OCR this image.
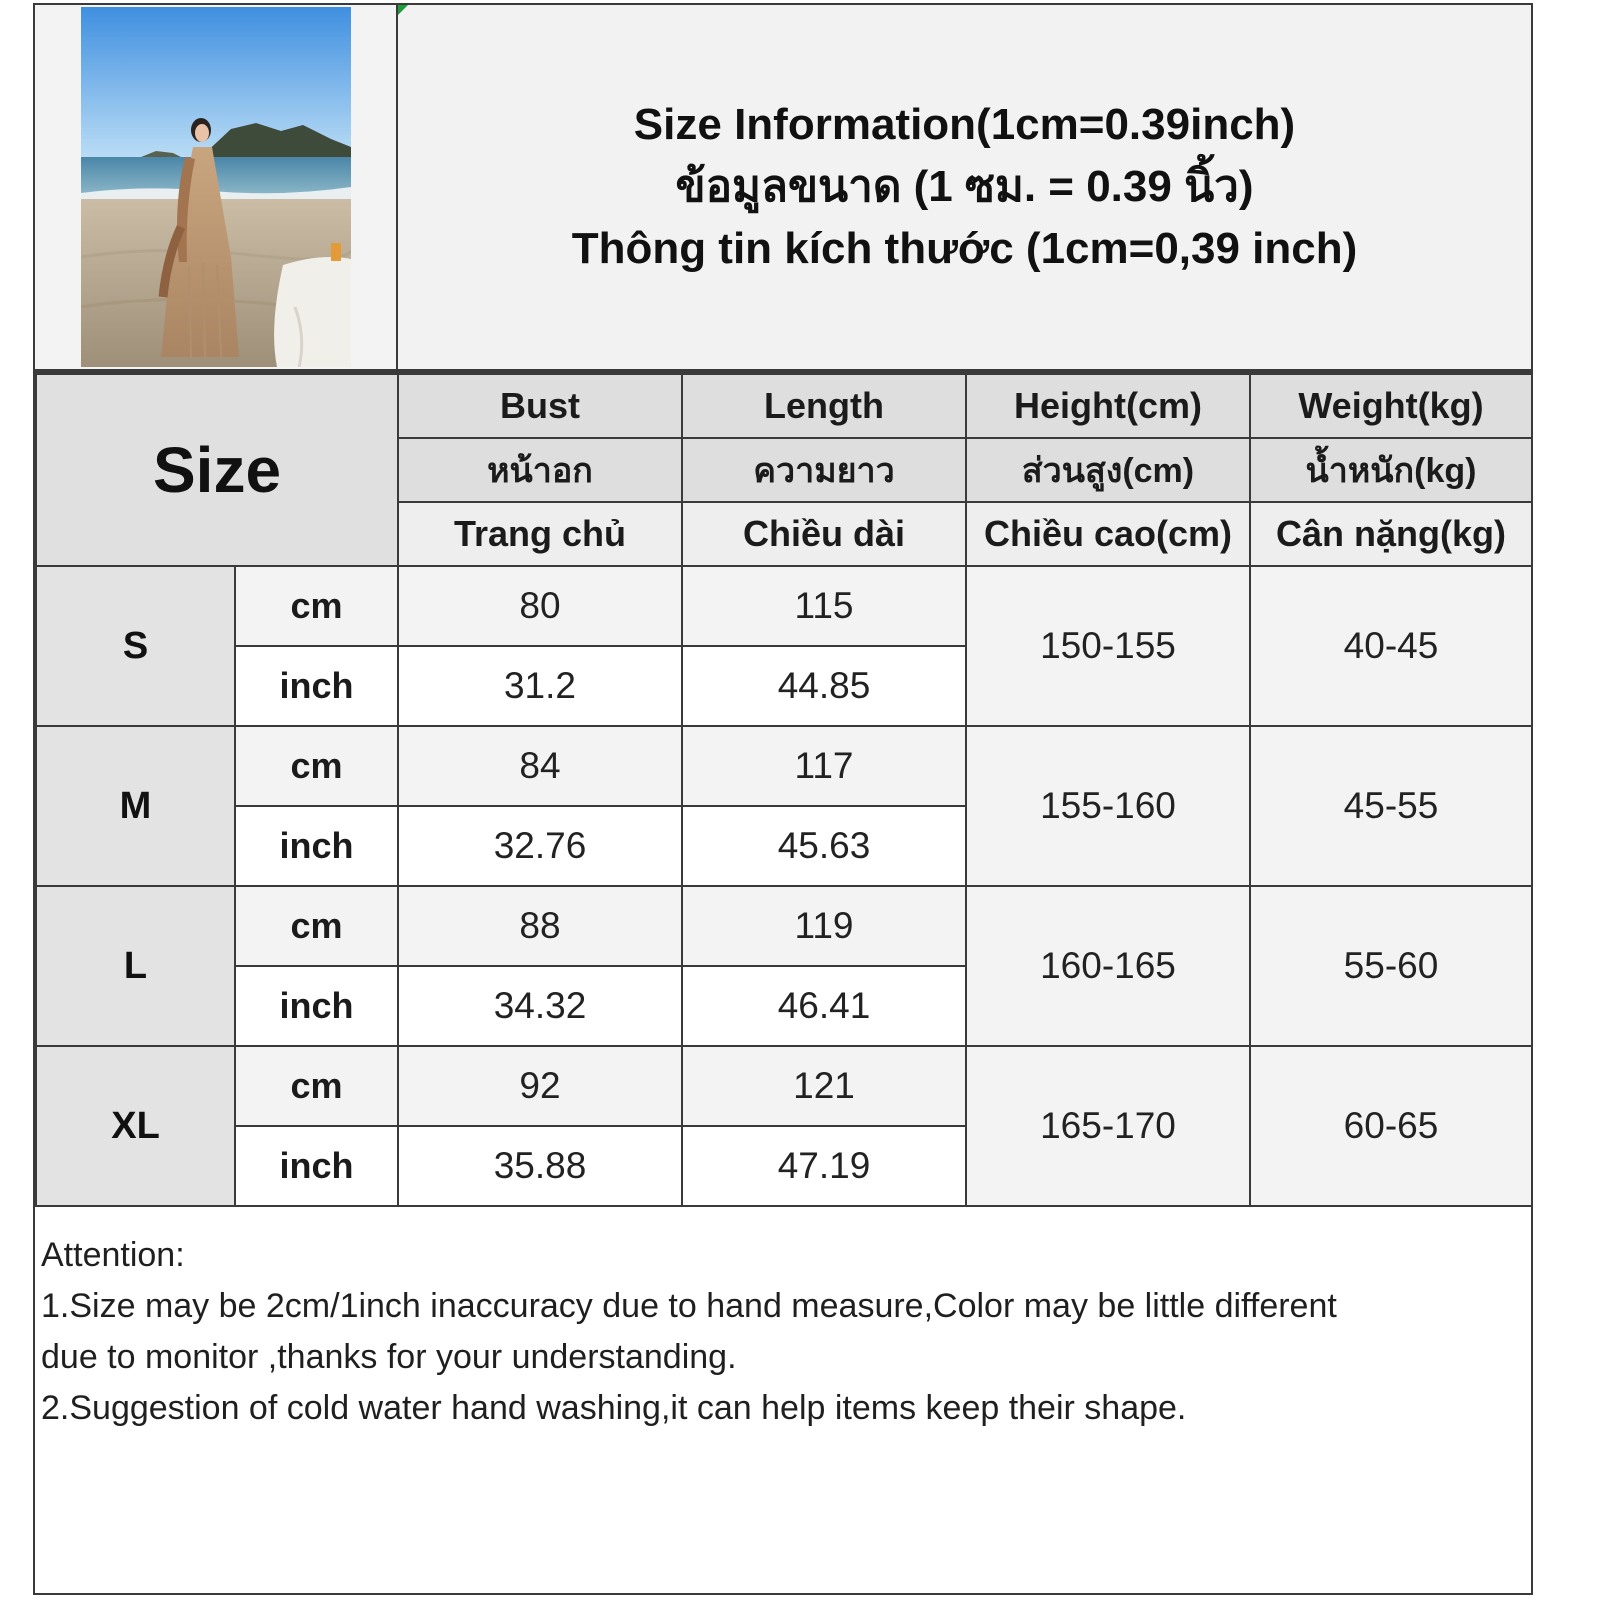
Size Information(1cm=0.39inch)
ข้อมูลขนาด (1 ซม. = 0.39 นิ้ว)
Thông tin kích thước (1cm=0,39 inch)
Size		Bust	Length	Height(cm)	Weight(kg)
		หน้าอก	ความยาว	ส่วนสูง(cm)	น้ำหนัก(kg)
		Trang chủ	Chiều dài	Chiều cao(cm)	Cân nặng(kg)
S	cm	80	115	150-155	40-45
	inch	31.2	44.85		
M	cm	84	117	155-160	45-55
	inch	32.76	45.63		
L	cm	88	119	160-165	55-60
	inch	34.32	46.41		
XL	cm	92	121	165-170	60-65
	inch	35.88	47.19		
Attention:
1.Size may be 2cm/1inch inaccuracy due to hand measure,Color may be little different
due to monitor ,thanks for your understanding.
2.Suggestion of cold water hand washing,it can help items keep their shape.
